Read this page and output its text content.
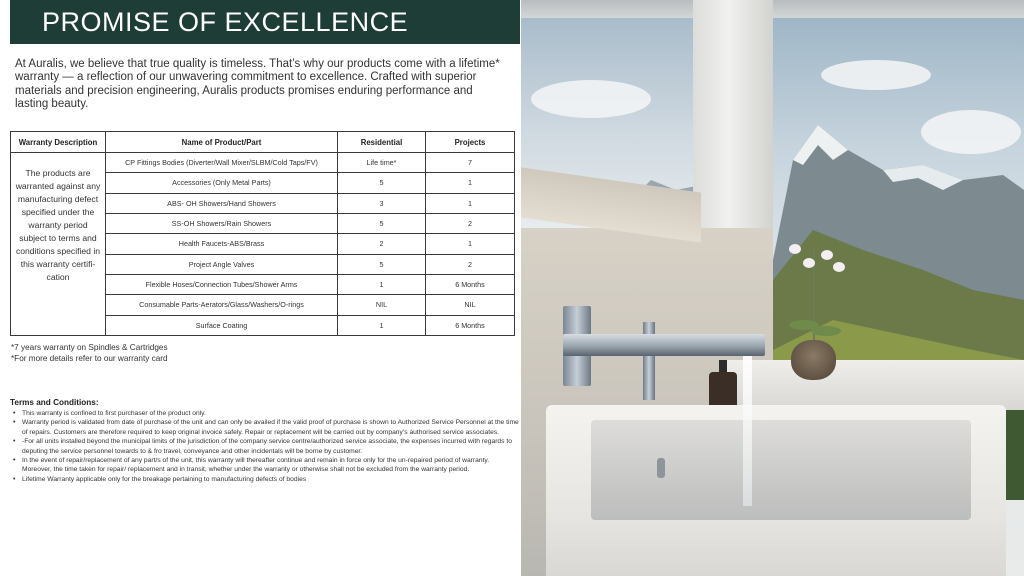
PROMISE OF EXCELLENCE

At Auralis, we believe that true quality is timeless. That’s why our products come with a lifetime* warranty — a reflection of our unwavering commitment to excellence. Crafted with superior materials and precision engineering, Auralis products promises enduring performance and lasting beauty.

Warranty Description	Name of Product/Part	Residential	Projects

The products are warranted against any manufacturing defect specified under the warranty period subject to terms and conditions specified in this warranty certifi-cation	CP Fittings Bodies (Diverter/Wall Mixer/SLBM/Cold Taps/FV)	Life time*	7
	Accessories (Only Metal Parts)	5	1
	ABS- OH Showers/Hand Showers	3	1
	SS-OH Showers/Rain Showers	5	2
	Health Faucets-ABS/Brass	2	1
	Project Angle Valves	5	2
	Flexible Hoses/Connection Tubes/Shower Arms	1	6 Months
	Consumable Parts-Aerators/Glass/Washers/O-rings	NIL	NIL
	Surface Coating	1	6 Months
*7 years warranty on Spindles & Cartridges
*For more details refer to our warranty card
Terms and Conditions:
• This warranty is confined to first purchaser of the product only.
• Warranty period is validated from date of purchase of the unit and can only be availed if the valid proof of purchase is shown to Authorized Service Personnel at the time of repairs. Customers are therefore required to keep original invoice safely. Repair or replacement will be carried out by company’s authorised service associates.
• -For all units installed beyond the municipal limits of the jurisdiction of the company service centre/authorized service associate, the expenses incurred with regards to deputing the service personnel towards to & fro travel, conveyance and other incidentals will be borne by customer.
• In the event of repair/replacement of any part/s of the unit, this warranty will thereafter continue and remain in force only for the un-repaired period of warranty. Moreover, the time taken for repair/ replacement and in transit, whether under the warranty or otherwise shall not be excluded from the warranty period.
• Lifetime Warranty applicable only for the breakage pertaining to manufacturing defects of bodies
